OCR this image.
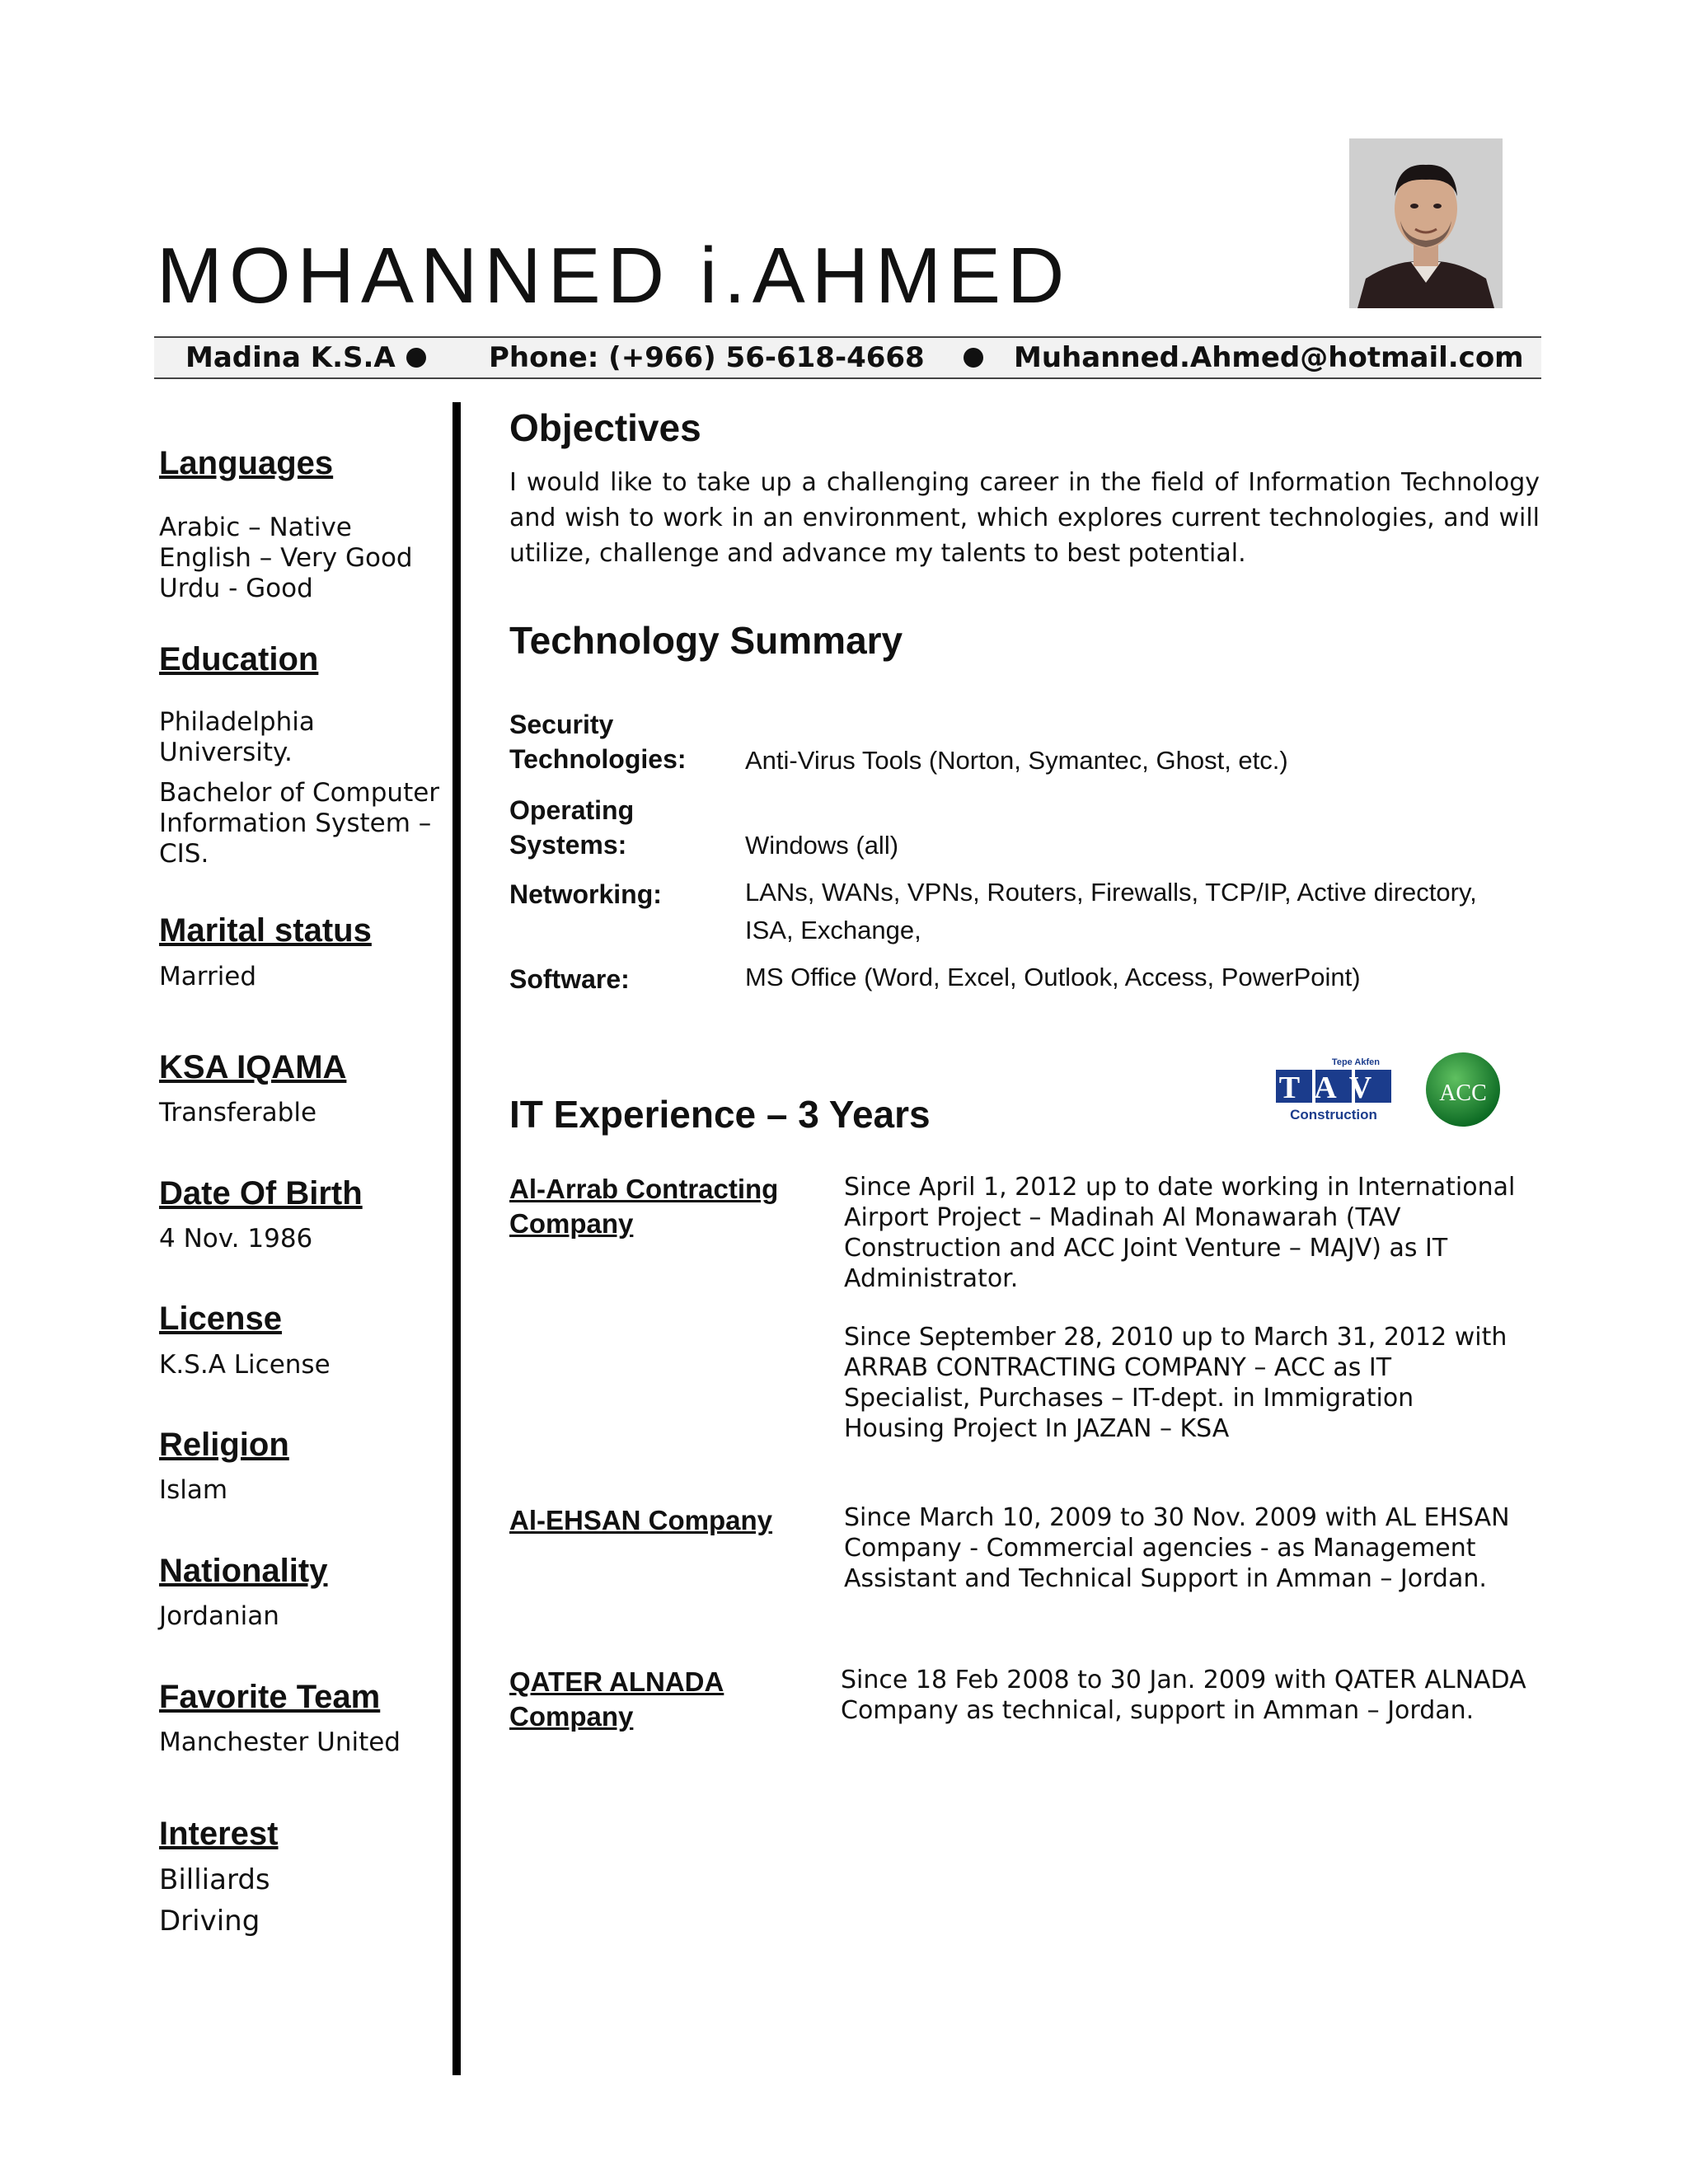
MOHANNED i.AHMED
Madina K.S.A	Phone: (+966) 56-618-4668	Muhanned.Ahmed@hotmail.com
Languages
Arabic – Native
English – Very Good
Urdu - Good
Education
Philadelphia
University.
Bachelor of Computer
Information System –
CIS.
Marital status
Married
KSA IQAMA
Transferable
Date Of Birth
4 Nov. 1986
License
K.S.A License
Religion
Islam
Nationality
Jordanian
Favorite Team
Manchester United
Interest
Billiards
Driving
Objectives
I would like to take up a challenging career in the field of Information Technology and wish to work in an environment, which explores current technologies, and will utilize, challenge and advance my talents to best potential.
Technology Summary
Security
Technologies: Anti-Virus Tools (Norton, Symantec, Ghost, etc.)
Operating
Systems:	Windows (all)
Networking:	LANs, WANs, VPNs, Routers, Firewalls, TCP/IP, Active directory,
ISA, Exchange,
Software:	MS Office (Word, Excel, Outlook, Access, PowerPoint)
Tepe Akfen
TAV
Construction
ACC
IT Experience – 3 Years
Al-Arrab Contracting
Company
Since April 1, 2012 up to date working in International
Airport Project – Madinah Al Monawarah (TAV
Construction and ACC Joint Venture – MAJV) as IT
Administrator.
Since September 28, 2010 up to March 31, 2012 with
ARRAB CONTRACTING COMPANY – ACC as IT
Specialist, Purchases – IT-dept. in Immigration
Housing Project In JAZAN – KSA
Al-EHSAN Company	Since March 10, 2009 to 30 Nov. 2009 with AL EHSAN
Company - Commercial agencies - as Management
Assistant and Technical Support in Amman – Jordan.
QATER ALNADA
Company
Since 18 Feb 2008 to 30 Jan. 2009 with QATER ALNADA
Company as technical, support in Amman – Jordan.
